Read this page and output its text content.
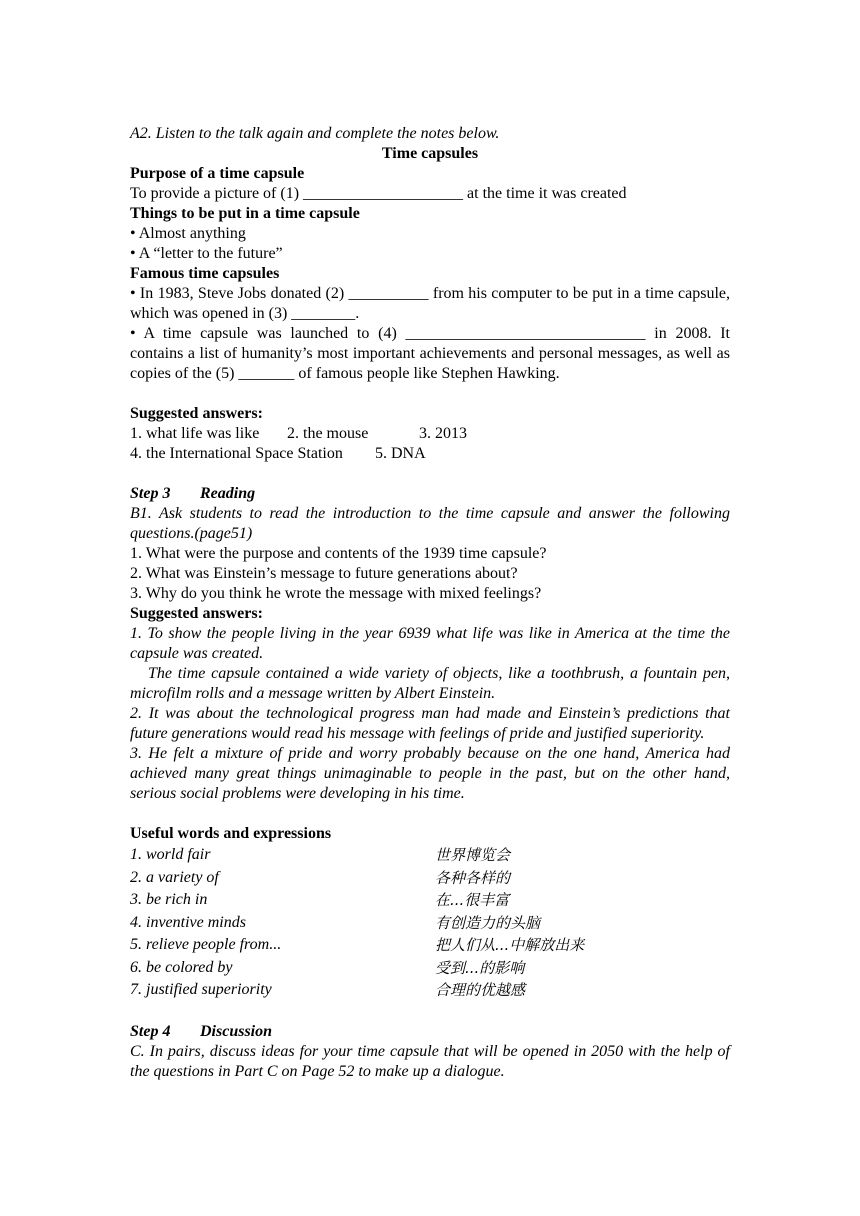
A2. Listen to the talk again and complete the notes below.

Time capsules

Purpose of a time capsule

To provide a picture of (1) ____________________ at the time it was created

Things to be put in a time capsule

• Almost anything

• A “letter to the future”

Famous time capsules

• In 1983, Steve Jobs donated (2) __________ from his computer to be put in a time capsule, which was opened in (3) ________.

• A time capsule was launched to (4) ______________________________ in 2008. It contains a list of humanity’s most important achievements and personal messages, as well as copies of the (5) _______ of famous people like Stephen Hawking.

Suggested answers:

1. what life was like 2. the mouse	3. 2013

4. the International Space Station 5. DNA

Step 3 Reading

B1. Ask students to read the introduction to the time capsule and answer the following questions.(page51)

1. What were the purpose and contents of the 1939 time capsule?

2. What was Einstein’s message to future generations about?

3. Why do you think he wrote the message with mixed feelings?

Suggested answers:

1. To show the people living in the year 6939 what life was like in America at the time the capsule was created.

The time capsule contained a wide variety of objects, like a toothbrush, a fountain pen, microfilm rolls and a message written by Albert Einstein.

2. It was about the technological progress man had made and Einstein’s predictions that future generations would read his message with feelings of pride and justified superiority.

3. He felt a mixture of pride and worry probably because on the one hand, America had achieved many great things unimaginable to people in the past, but on the other hand, serious social problems were developing in his time.

Useful words and expressions

1. world fair	世界博览会
2. a variety of	各种各样的
3. be rich in	在...很丰富
4. inventive minds	有创造力的头脑
5. relieve people from...	把人们从...中解放出来
6. be colored by	受到...的影响
7. justified superiority	合理的优越感

Step 4 Discussion

C. In pairs, discuss ideas for your time capsule that will be opened in 2050 with the help of the questions in Part C on Page 52 to make up a dialogue.
